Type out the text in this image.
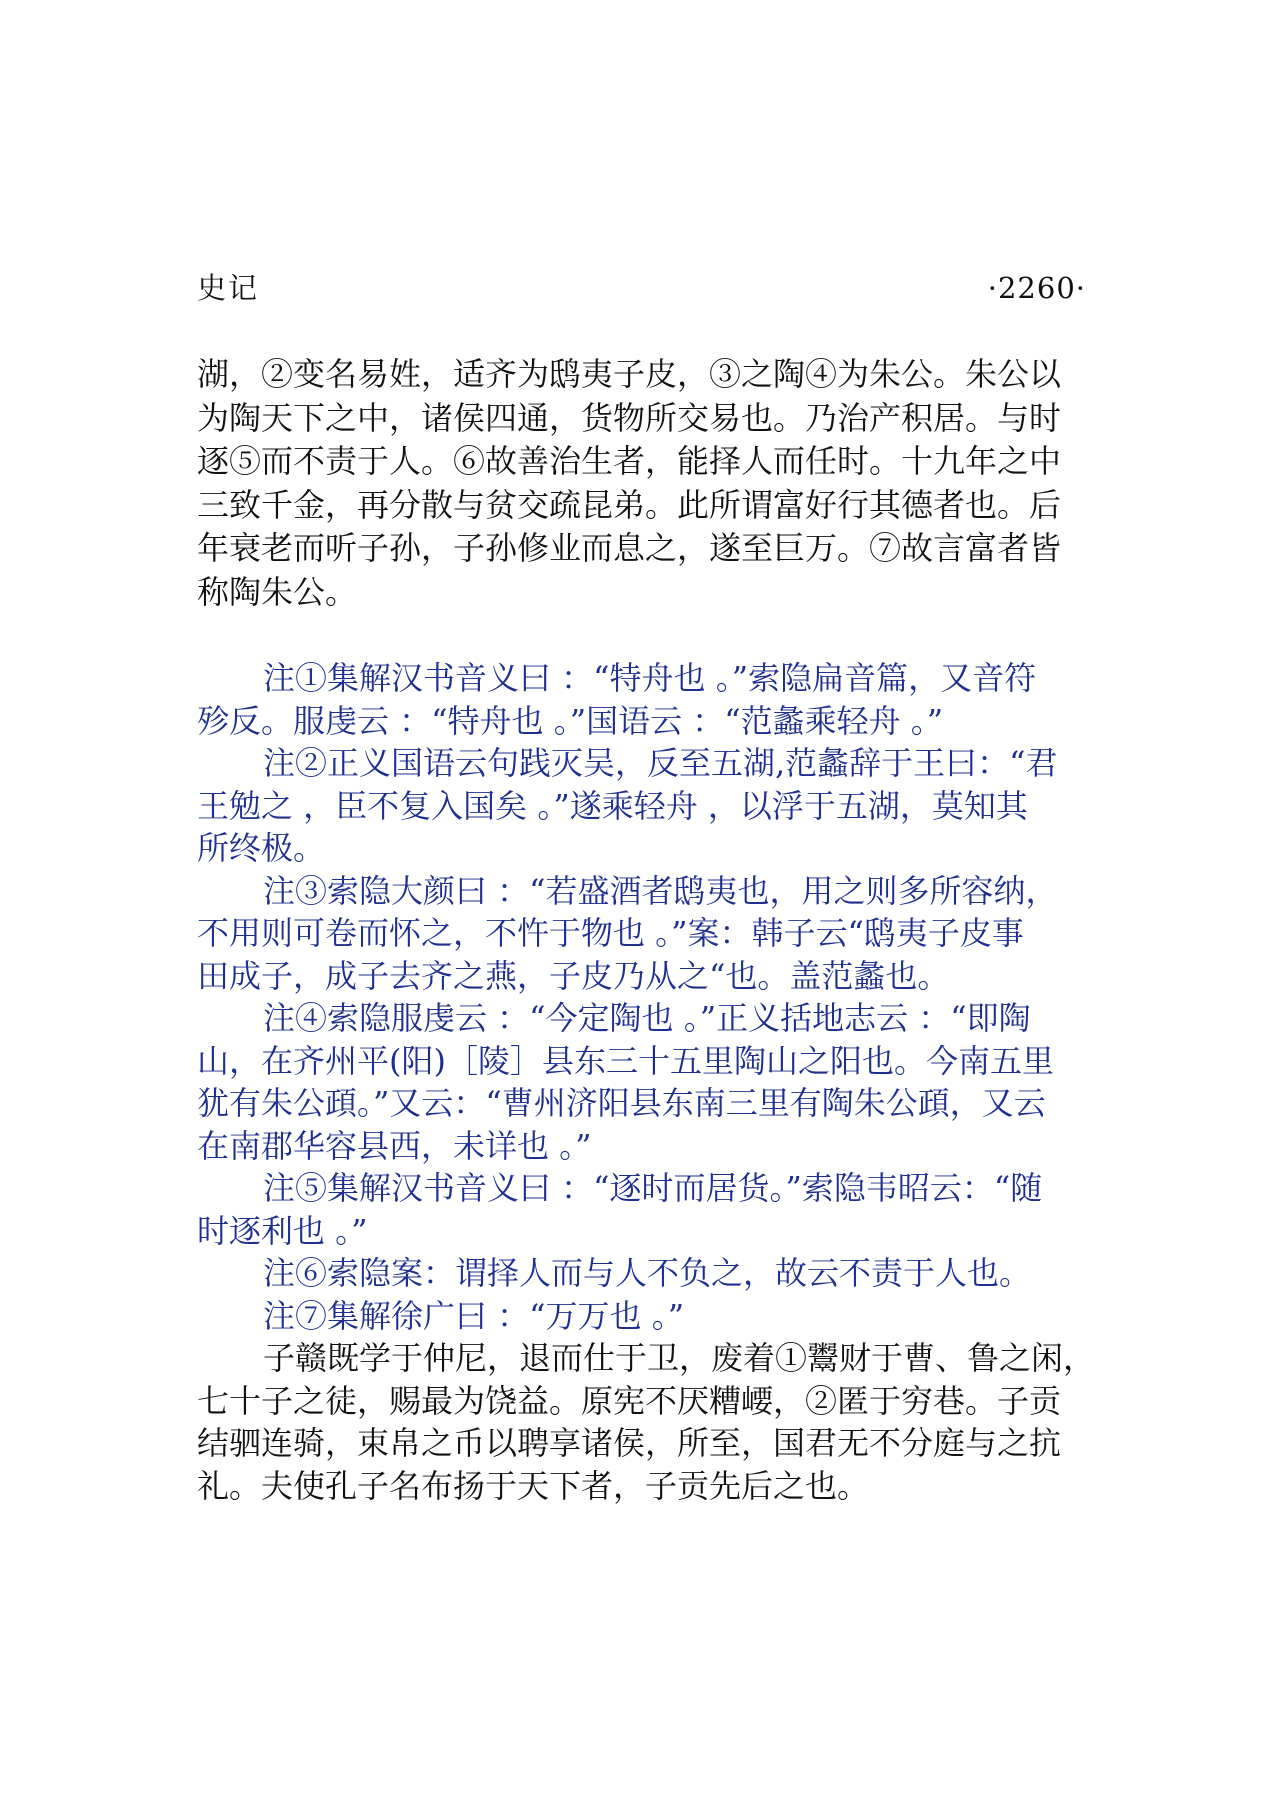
史记	·2260·
湖，②变名易姓，适齐为鸱夷子皮，③之陶④为朱公。朱公以
为陶天下之中，诸侯四通，货物所交易也。乃治产积居。与时
逐⑤而不责于人。⑥故善治生者，能择人而任时。十九年之中
三致千金，再分散与贫交疏昆弟。此所谓富好行其德者也。后
年衰老而听子孙，子孙修业而息之，遂至巨万。⑦故言富者皆
称陶朱公。
注①集解汉书音义曰 ：“特舟也 。”索隐扁音篇，又音符
殄反。服虔云 ：“特舟也 。”国语云 ：“范蠡乘轻舟 。”
注②正义国语云句践灭吴，反至五湖,范蠡辞于王曰：“君
王勉之 ，臣不复入国矣 。”遂乘轻舟 ，以浮于五湖，莫知其
所终极。
注③索隐大颜曰 ：“若盛酒者鸱夷也，用之则多所容纳，
不用则可卷而怀之，不忤于物也 。”案：韩子云“鸱夷子皮事
田成子，成子去齐之燕，子皮乃从之“也。盖范蠡也。
注④索隐服虔云 ：“今定陶也 。”正义括地志云 ：“即陶
山，在齐州平(阳)［陵］县东三十五里陶山之阳也。今南五里
犹有朱公頙。”又云：“曹州济阳县东南三里有陶朱公頙，又云
在南郡华容县西，未详也 。”
注⑤集解汉书音义曰 ：“逐时而居货。”索隐韦昭云：“随
时逐利也 。”
注⑥索隐案：谓择人而与人不负之，故云不责于人也。
注⑦集解徐广曰 ：“万万也 。”
子赣既学于仲尼，退而仕于卫，废着①鬻财于曹、鲁之闲，
七十子之徒，赐最为饶益。原宪不厌糟崾，②匿于穷巷。子贡
结驷连骑，束帛之币以聘享诸侯，所至，国君无不分庭与之抗
礼。夫使孔子名布扬于天下者，子贡先后之也。
